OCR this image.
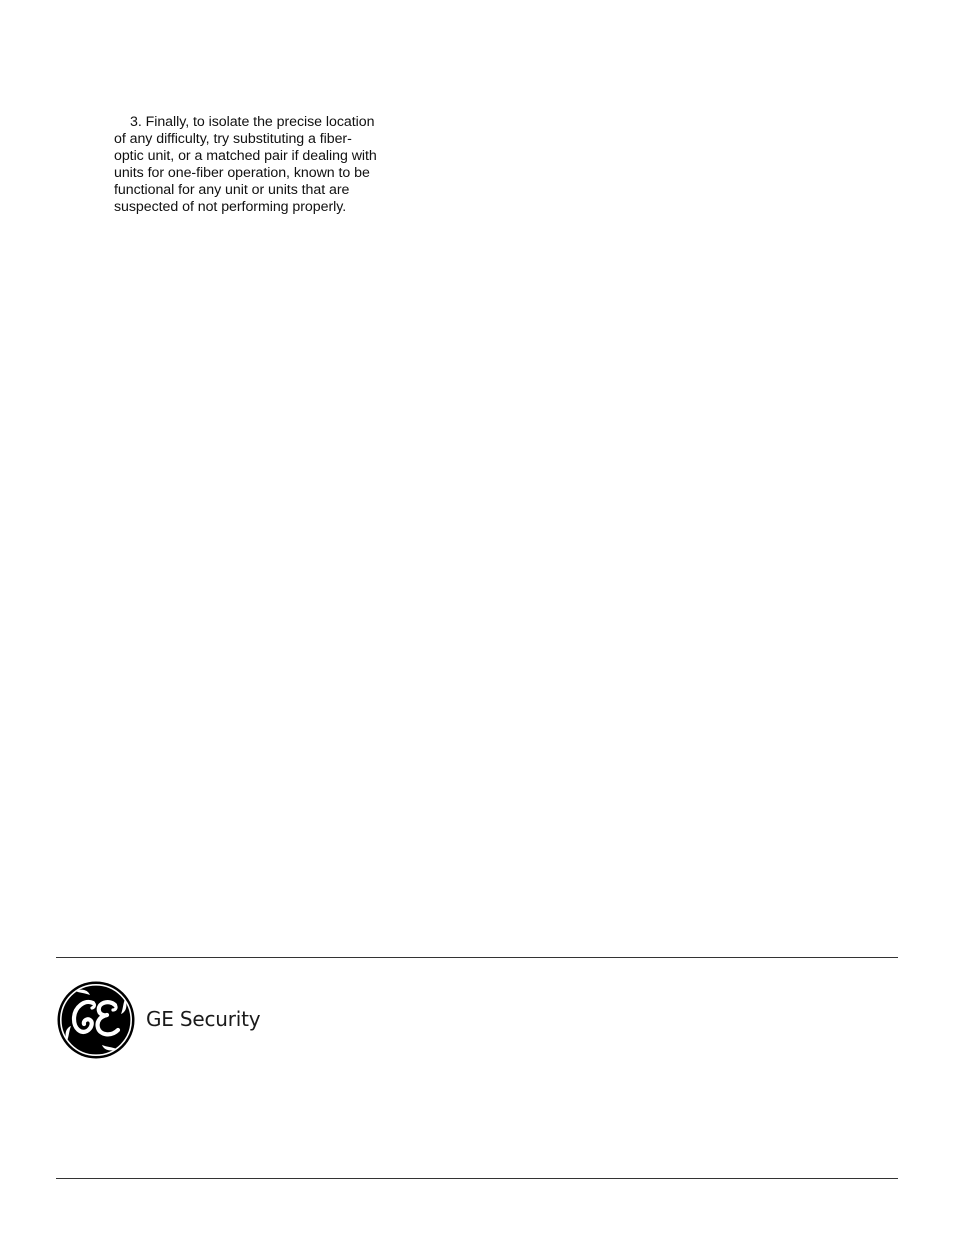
3. Finally, to isolate the precise location
of any difficulty, try substituting a fiber-
optic unit, or a matched pair if dealing with
units for one-fiber operation, known to be
functional for any unit or units that are
suspected of not performing properly.
GE Security
